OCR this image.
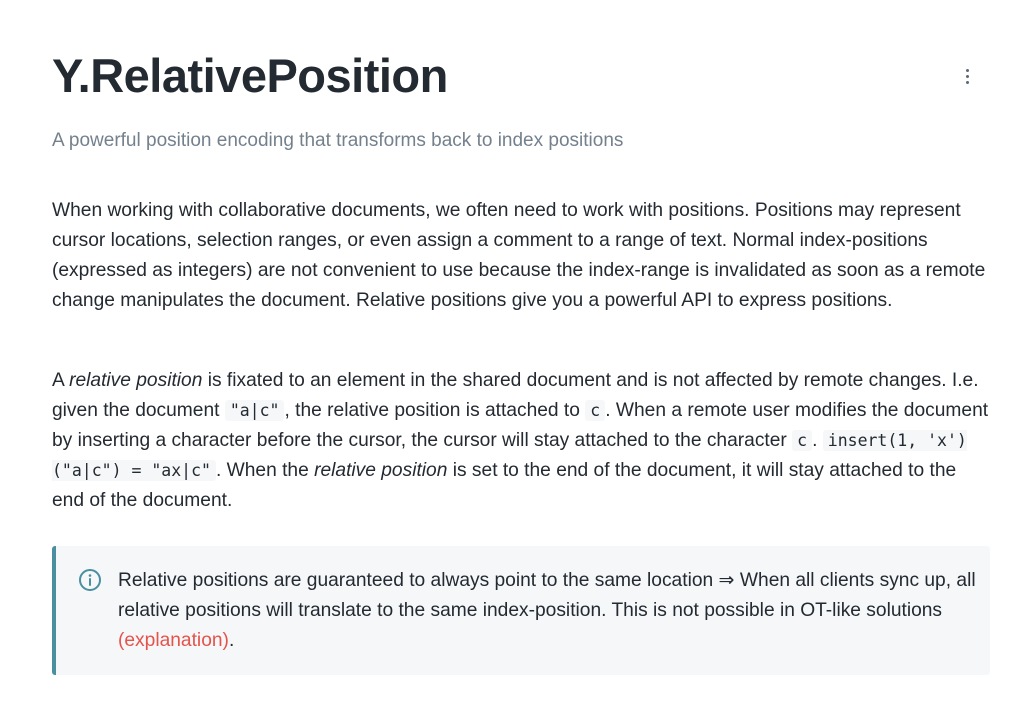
Y.RelativePosition

A powerful position encoding that transforms back to index positions

When working with collaborative documents, we often need to work with positions. Positions may represent cursor locations, selection ranges, or even assign a comment to a range of text. Normal index-positions (expressed as integers) are not convenient to use because the index-range is invalidated as soon as a remote change manipulates the document. Relative positions give you a powerful API to express positions.

A relative position is fixated to an element in the shared document and is not affected by remote changes. I.e. given the document "a|c" , the relative position is attached to c . When a remote user modifies the document by inserting a character before the cursor, the cursor will stay attached to the character c . insert(1, 'x')("a|c") = "ax|c" . When the relative position is set to the end of the document, it will stay attached to the end of the document.

Relative positions are guaranteed to always point to the same location ⇒ When all clients sync up, all relative positions will translate to the same index-position. This is not possible in OT-like solutions (explanation).
